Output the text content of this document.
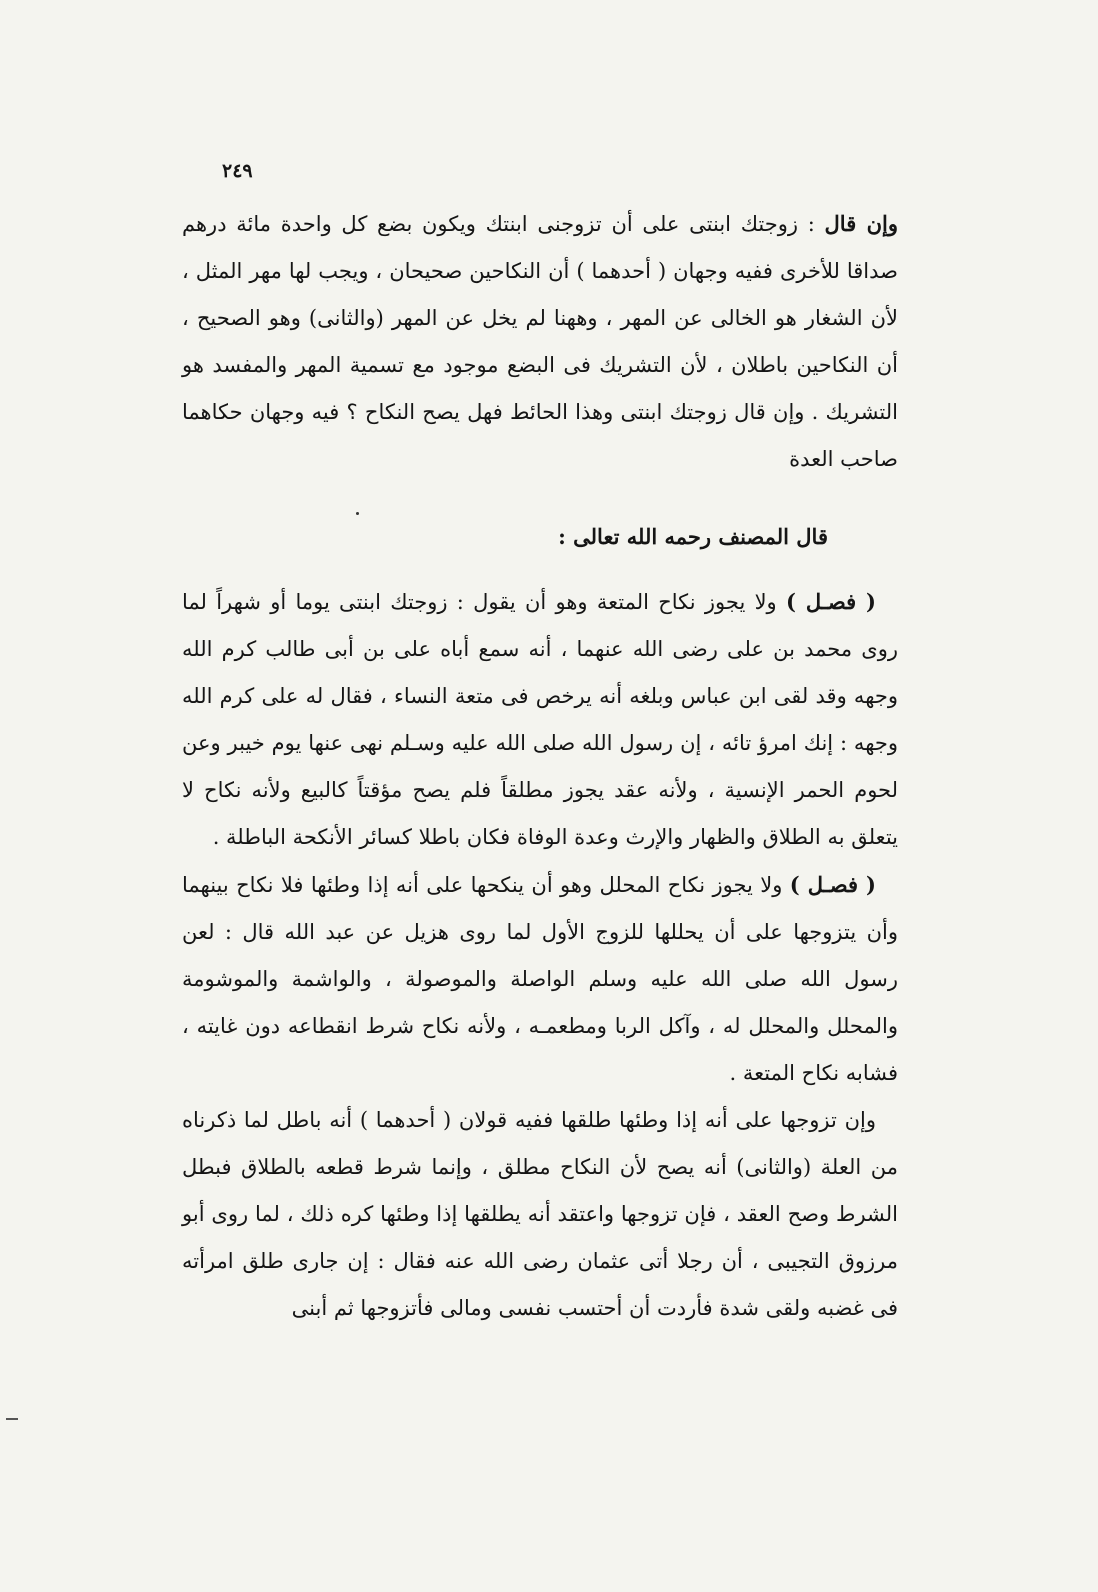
٢٤٩

وإن قال : زوجتك ابنتى على أن تزوجنى ابنتك ويكون بضع كل واحدة مائة درهم صداقا للأخرى ففيه وجهان ( أحدهما ) أن النكاحين صحيحان ، ويجب لها مهر المثل ، لأن الشغار هو الخالى عن المهر ، وههنا لم يخل عن المهر (والثانى) وهو الصحيح ، أن النكاحين باطلان ، لأن التشريك فى البضع موجود مع تسمية المهر والمفسد هو التشريك . وإن قال زوجتك ابنتى وهذا الحائط فهل يصح النكاح ؟ فيه وجهان حكاهما صاحب العدة

قال المصنف رحمه الله تعالى :

( فصـل ) ولا يجوز نكاح المتعة وهو أن يقول : زوجتك ابنتى يوما أو شهراً لما روى محمد بن على رضى الله عنهما ، أنه سمع أباه على بن أبى طالب كرم الله وجهه وقد لقى ابن عباس وبلغه أنه يرخص فى متعة النساء ، فقال له على كرم الله وجهه : إنك امرؤ تائه ، إن رسول الله صلى الله عليه وسـلم نهى عنها يوم خيبر وعن لحوم الحمر الإنسية ، ولأنه عقد يجوز مطلقاً فلم يصح مؤقتاً كالبيع ولأنه نكاح لا يتعلق به الطلاق والظهار والإرث وعدة الوفاة فكان باطلا كسائر الأنكحة الباطلة .

( فصـل ) ولا يجوز نكاح المحلل وهو أن ينكحها على أنه إذا وطئها فلا نكاح بينهما وأن يتزوجها على أن يحللها للزوج الأول لما روى هزيل عن عبد الله قال : لعن رسول الله صلى الله عليه وسلم الواصلة والموصولة ، والواشمة والموشومة والمحلل والمحلل له ، وآكل الربا ومطعمـه ، ولأنه نكاح شرط انقطاعه دون غايته ، فشابه نكاح المتعة .

وإن تزوجها على أنه إذا وطئها طلقها ففيه قولان ( أحدهما ) أنه باطل لما ذكرناه من العلة (والثانى) أنه يصح لأن النكاح مطلق ، وإنما شرط قطعه بالطلاق فبطل الشرط وصح العقد ، فإن تزوجها واعتقد أنه يطلقها إذا وطئها كره ذلك ، لما روى أبو مرزوق التجيبى ، أن رجلا أتى عثمان رضى الله عنه فقال : إن جارى طلق امرأته فى غضبه ولقى شدة فأردت أن أحتسب نفسى ومالى فأتزوجها ثم أبنى
